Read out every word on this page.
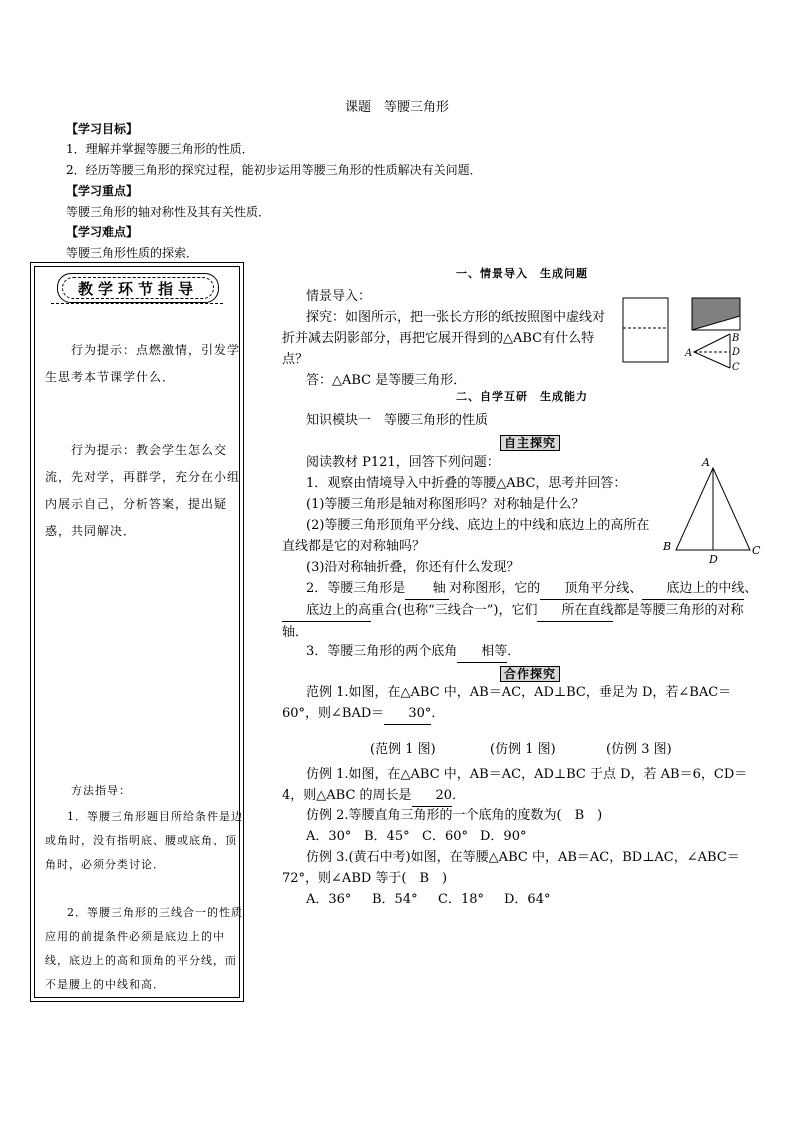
课题　等腰三角形
【学习目标】
1．理解并掌握等腰三角形的性质．
2．经历等腰三角形的探究过程，能初步运用等腰三角形的性质解决有关问题．
【学习重点】
等腰三角形的轴对称性及其有关性质．
【学习难点】
等腰三角形性质的探索．
教学环节指导
行为提示：点燃激情，引发学生思考本节课学什么．
行为提示：教会学生怎么交流，先对学，再群学，充分在小组内展示自己，分析答案，提出疑惑，共同解决．
方法指导：
1．等腰三角形题目所给条件是边或角时，没有指明底、腰或底角、顶角时，必须分类讨论．
2．等腰三角形的三线合一的性质应用的前提条件必须是底边上的中线，底边上的高和顶角的平分线，而不是腰上的中线和高．
一、情景导入　生成问题
情景导入：
探究：如图所示，把一张长方形的纸按照图中虚线对折并减去阴影部分，再把它展开得到的△ABC有什么特点？
答：△ABC 是等腰三角形．
A
B
D
C
二、自学互研　生成能力
知识模块一　等腰三角形的性质
自主探究
阅读教材 P121，回答下列问题：
1．观察由情境导入中折叠的等腰△ABC，思考并回答：
(1)等腰三角形是轴对称图形吗？对称轴是什么？
(2)等腰三角形顶角平分线、底边上的中线和底边上的高所在直线都是它的对称轴吗？
(3)沿对称轴折叠，你还有什么发现？
A
B
D
C
2．等腰三角形是 轴 对称图形，它的 顶角平分线、 底边上的中线、底边上的高重合(也称“三线合一”)，它们 所在直线都是等腰三角形的对称轴．
3．等腰三角形的两个底角 相等．
合作探究
范例 1.如图，在△ABC 中，AB＝AC，AD⊥BC，垂足为 D，若∠BAC＝60°，则∠BAD＝ 30°．
(范例 1 图)	(仿例 1 图)	(仿例 3 图)
仿例 1.如图，在△ABC 中，AB＝AC，AD⊥BC 于点 D，若 AB＝6，CD＝4，则△ABC 的周长是 20．
仿例 2.等腰直角三角形的一个底角的度数为(　B　)
A．30° B．45° C．60° D．90°
仿例 3.(黄石中考)如图，在等腰△ABC 中，AB＝AC，BD⊥AC，∠ABC＝72°，则∠ABD 等于(　B　)
A．36° B．54° C．18° D．64°
